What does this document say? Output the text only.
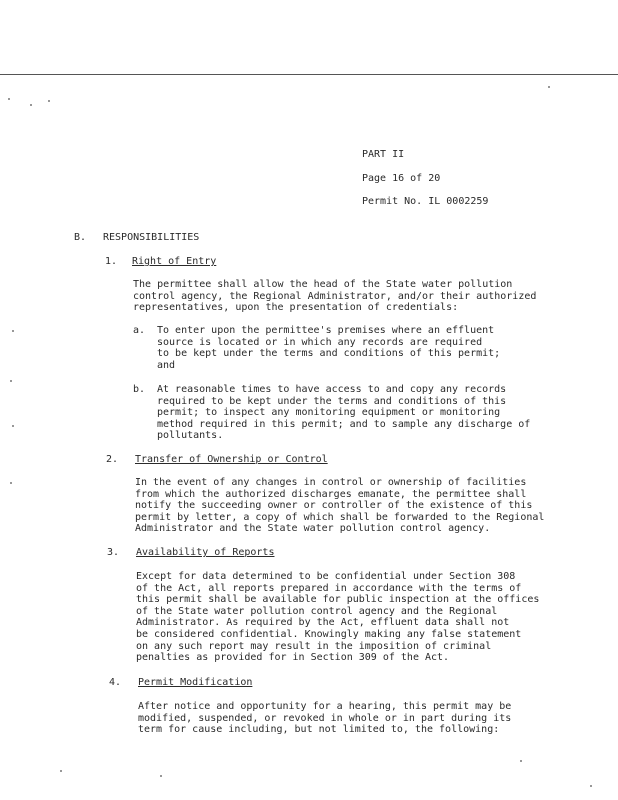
PART II
Page 16 of 20
Permit No. IL 0002259
B. RESPONSIBILITIES
1. Right of Entry
The permittee shall allow the head of the State water pollution
control agency, the Regional Administrator, and/or their authorized
representatives, upon the presentation of credentials:
a. To enter upon the permittee's premises where an effluent
source is located or in which any records are required
to be kept under the terms and conditions of this permit;
and
b. At reasonable times to have access to and copy any records
required to be kept under the terms and conditions of this
permit; to inspect any monitoring equipment or monitoring
method required in this permit; and to sample any discharge of
pollutants.
2. Transfer of Ownership or Control
In the event of any changes in control or ownership of facilities
from which the authorized discharges emanate, the permittee shall
notify the succeeding owner or controller of the existence of this
permit by letter, a copy of which shall be forwarded to the Regional
Administrator and the State water pollution control agency.
3. Availability of Reports
Except for data determined to be confidential under Section 308
of the Act, all reports prepared in accordance with the terms of
this permit shall be available for public inspection at the offices
of the State water pollution control agency and the Regional
Administrator. As required by the Act, effluent data shall not
be considered confidential. Knowingly making any false statement
on any such report may result in the imposition of criminal
penalties as provided for in Section 309 of the Act.
4. Permit Modification
After notice and opportunity for a hearing, this permit may be
modified, suspended, or revoked in whole or in part during its
term for cause including, but not limited to, the following:
